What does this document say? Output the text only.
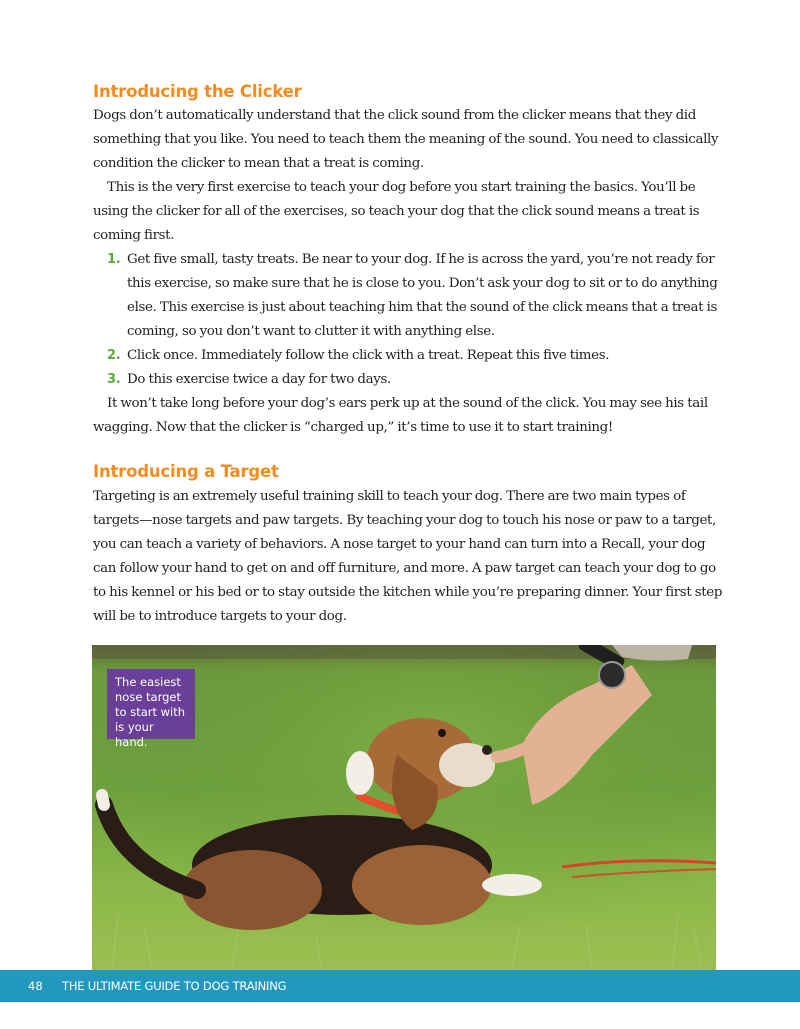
Introducing the Clicker

Dogs don’t automatically understand that the click sound from the clicker means that they did something that you like. You need to teach them the meaning of the sound. You need to classically condition the clicker to mean that a treat is coming.

This is the very first exercise to teach your dog before you start training the basics. You’ll be using the clicker for all of the exercises, so teach your dog that the click sound means a treat is coming first.

1. Get five small, tasty treats. Be near to your dog. If he is across the yard, you’re not ready for this exercise, so make sure that he is close to you. Don’t ask your dog to sit or to do anything else. This exercise is just about teaching him that the sound of the click means that a treat is coming, so you don’t want to clutter it with anything else.
2. Click once. Immediately follow the click with a treat. Repeat this five times.
3. Do this exercise twice a day for two days.

It won’t take long before your dog’s ears perk up at the sound of the click. You may see his tail wagging. Now that the clicker is “charged up,” it’s time to use it to start training!

Introducing a Target

Targeting is an extremely useful training skill to teach your dog. There are two main types of targets—nose targets and paw targets. By teaching your dog to touch his nose or paw to a target, you can teach a variety of behaviors. A nose target to your hand can turn into a Recall, your dog can follow your hand to get on and off furniture, and more. A paw target can teach your dog to go to his kennel or his bed or to stay outside the kitchen while you’re preparing dinner. Your first step will be to introduce targets to your dog.

The easiest nose target to start with is your hand.
48	THE ULTIMATE GUIDE TO DOG TRAINING
